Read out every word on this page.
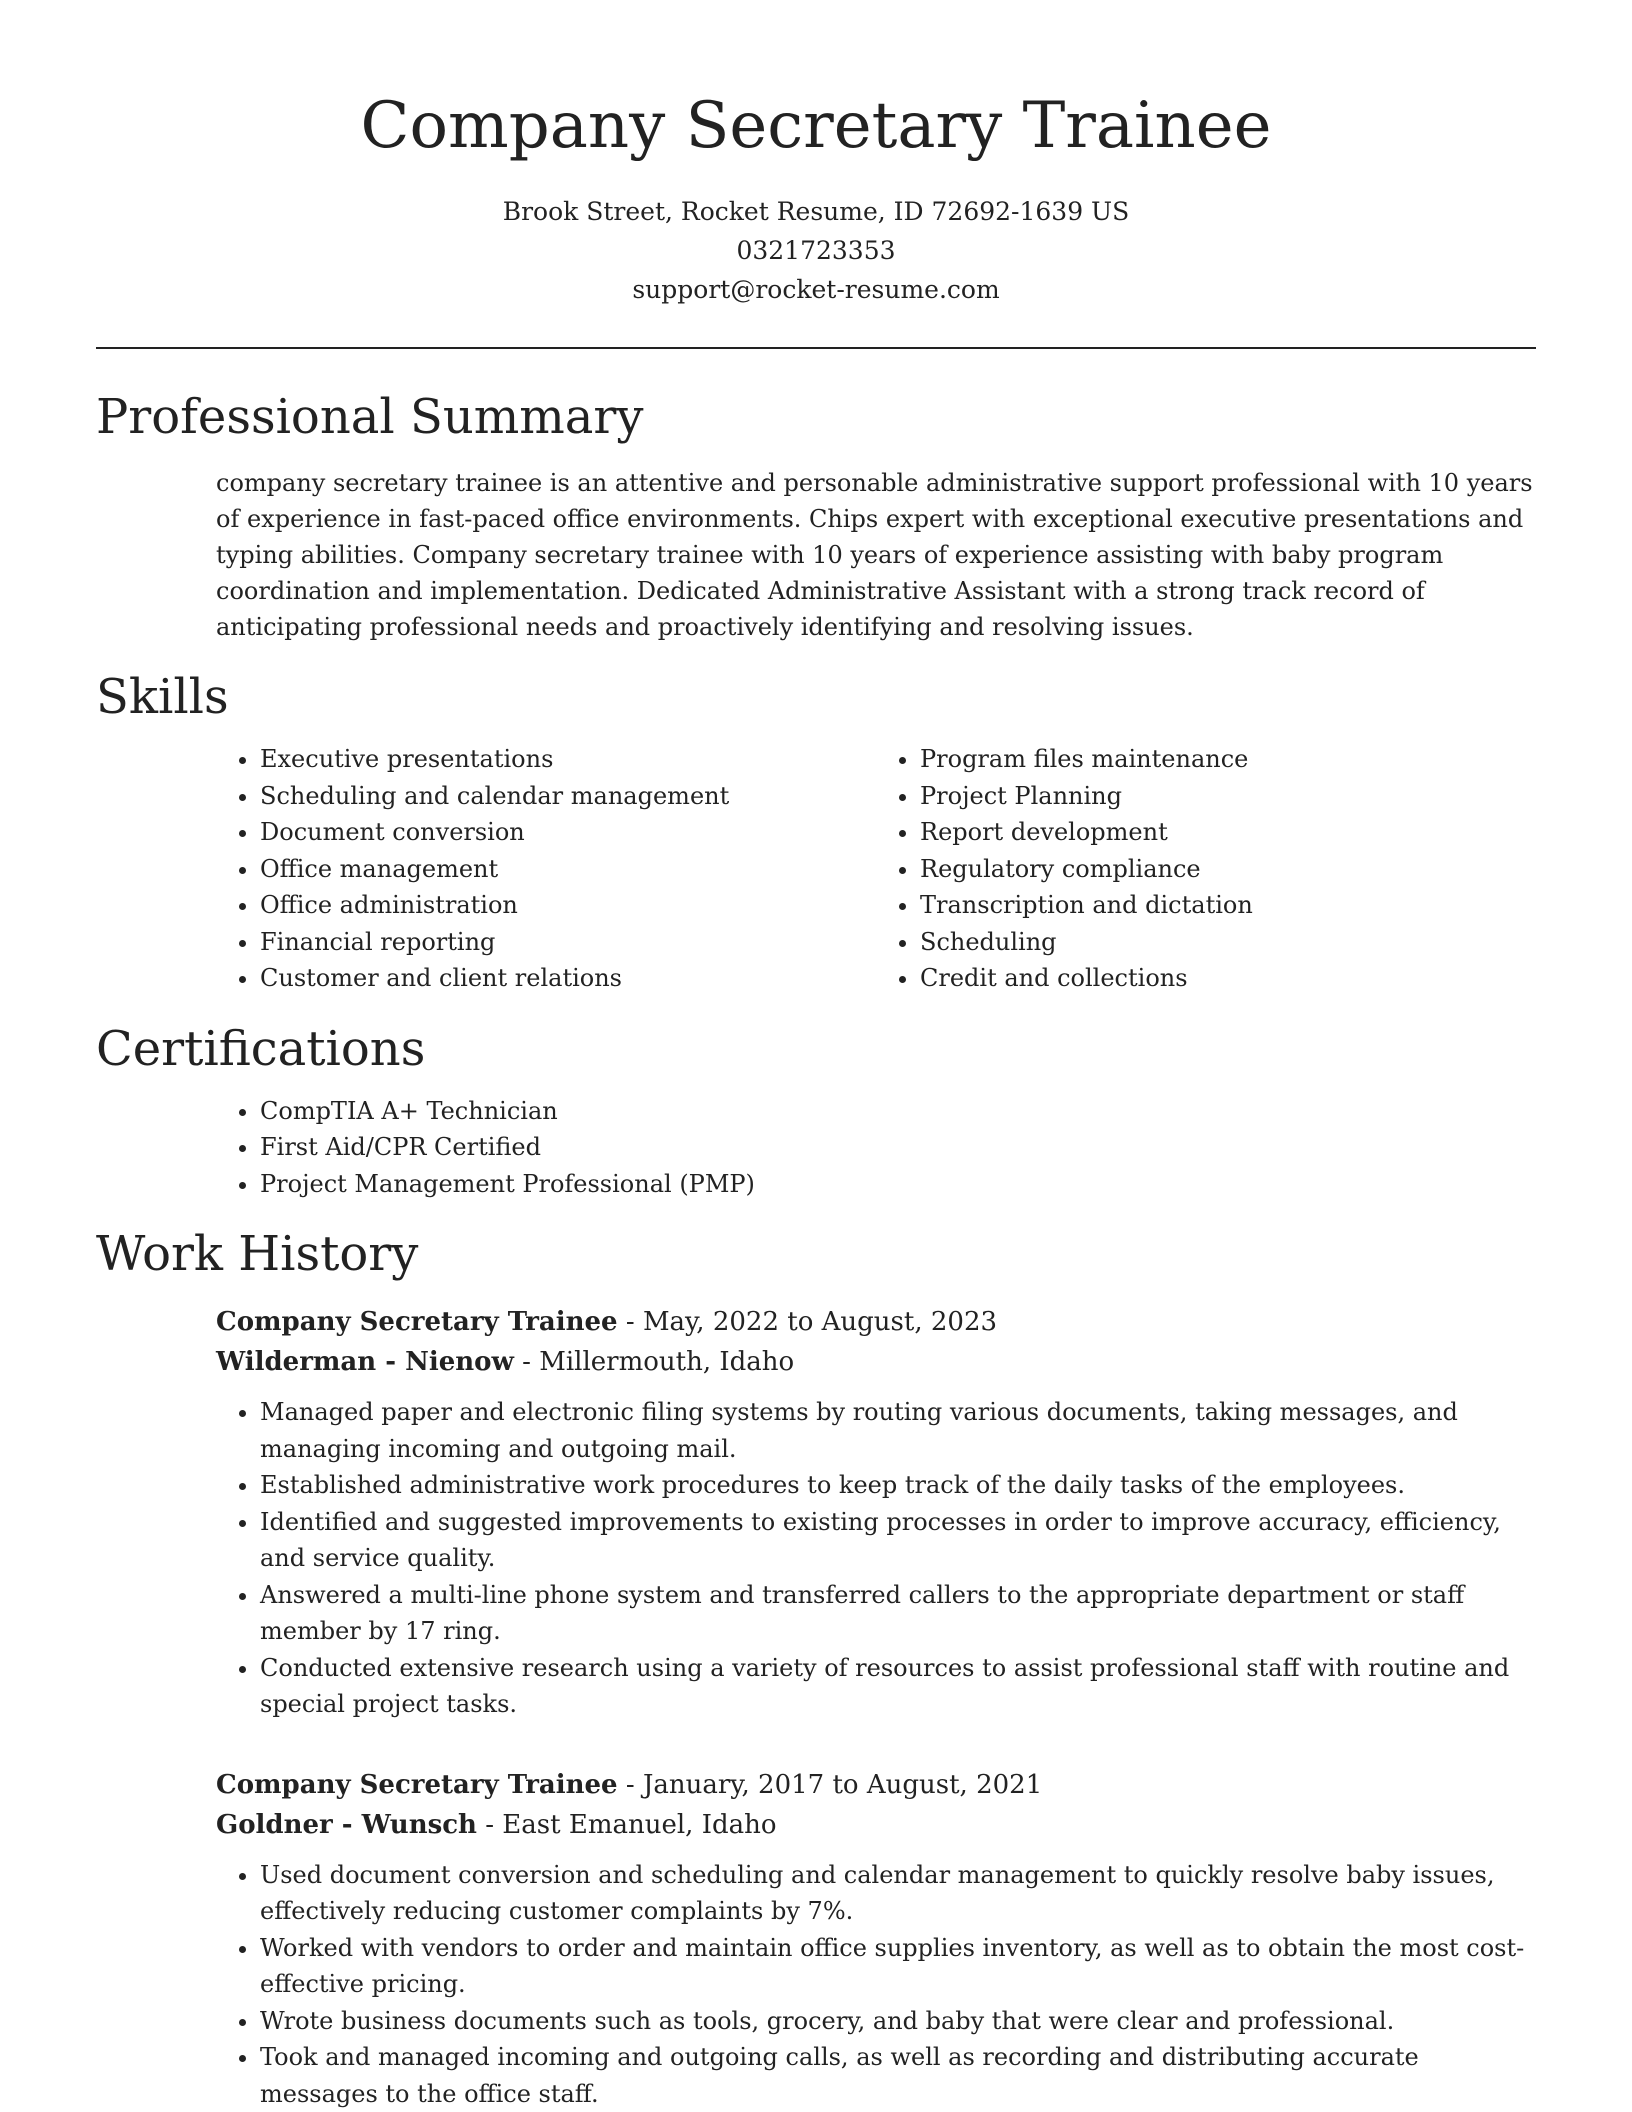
Company Secretary Trainee
Brook Street, Rocket Resume, ID 72692-1639 US
0321723353
support@rocket-resume.com
Professional Summary

company secretary trainee is an attentive and personable administrative support professional with 10 years of experience in fast-paced office environments. Chips expert with exceptional executive presentations and typing abilities. Company secretary trainee with 10 years of experience assisting with baby program coordination and implementation. Dedicated Administrative Assistant with a strong track record of anticipating professional needs and proactively identifying and resolving issues.

Skills
• Executive presentations
• Scheduling and calendar management
• Document conversion
• Office management
• Office administration
• Financial reporting
• Customer and client relations
• Program files maintenance
• Project Planning
• Report development
• Regulatory compliance
• Transcription and dictation
• Scheduling
• Credit and collections
Certifications
• CompTIA A+ Technician
• First Aid/CPR Certified
• Project Management Professional (PMP)
Work History
Company Secretary Trainee - May, 2022 to August, 2023
Wilderman - Nienow - Millermouth, Idaho
• Managed paper and electronic filing systems by routing various documents, taking messages, and managing incoming and outgoing mail.
• Established administrative work procedures to keep track of the daily tasks of the employees.
• Identified and suggested improvements to existing processes in order to improve accuracy, efficiency, and service quality.
• Answered a multi-line phone system and transferred callers to the appropriate department or staff member by 17 ring.
• Conducted extensive research using a variety of resources to assist professional staff with routine and special project tasks.
Company Secretary Trainee - January, 2017 to August, 2021
Goldner - Wunsch - East Emanuel, Idaho
• Used document conversion and scheduling and calendar management to quickly resolve baby issues, effectively reducing customer complaints by 7%.
• Worked with vendors to order and maintain office supplies inventory, as well as to obtain the most cost-effective pricing.
• Wrote business documents such as tools, grocery, and baby that were clear and professional.
• Took and managed incoming and outgoing calls, as well as recording and distributing accurate messages to the office staff.
